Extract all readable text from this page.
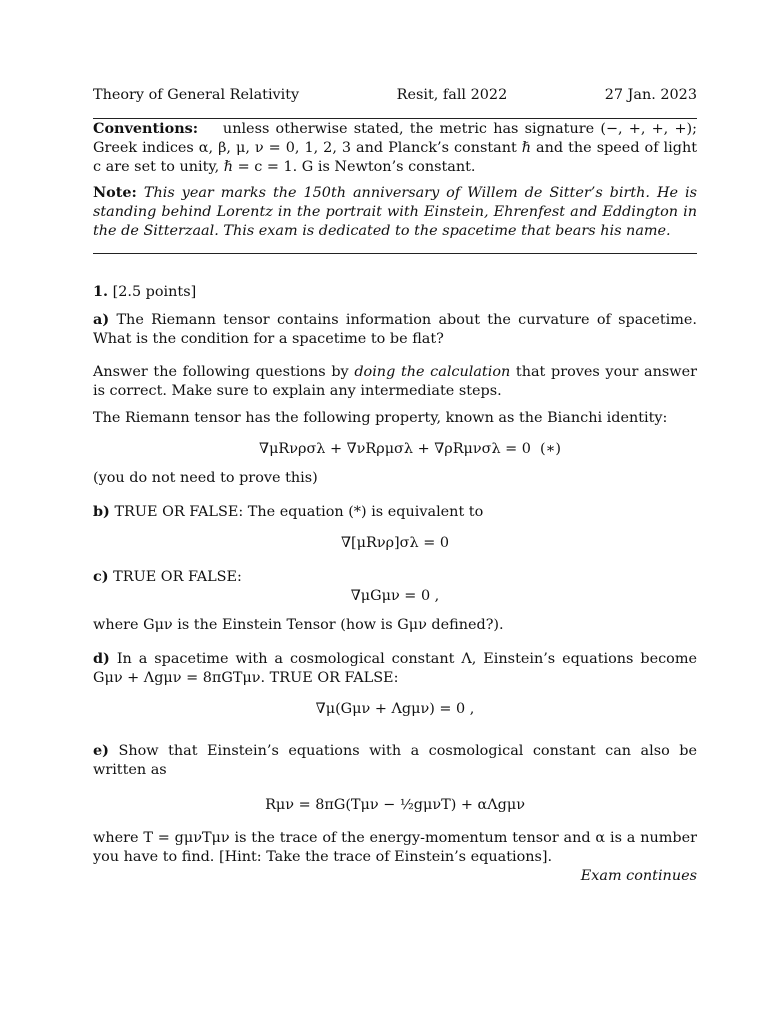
Theory of General Relativity	Resit, fall 2022	27 Jan. 2023

Conventions: unless otherwise stated, the metric has signature (−, +, +, +); Greek indices α, β, μ, ν = 0, 1, 2, 3 and Planck’s constant ℏ and the speed of light c are set to unity, ℏ = c = 1. G is Newton’s constant.

Note: This year marks the 150th anniversary of Willem de Sitter’s birth. He is standing behind Lorentz in the portrait with Einstein, Ehrenfest and Eddington in the de Sitterzaal. This exam is dedicated to the spacetime that bears his name.

1. [2.5 points]

a) The Riemann tensor contains information about the curvature of spacetime. What is the condition for a spacetime to be flat?

Answer the following questions by doing the calculation that proves your answer is correct. Make sure to explain any intermediate steps.

The Riemann tensor has the following property, known as the Bianchi identity:

∇μRνρσλ + ∇νRρμσλ + ∇ρRμνσλ = 0 (∗)

(you do not need to prove this)

b) TRUE OR FALSE: The equation (*) is equivalent to

∇[μRνρ]σλ = 0

c) TRUE OR FALSE:

∇μGμν = 0 ,

where Gμν is the Einstein Tensor (how is Gμν defined?).

d) In a spacetime with a cosmological constant Λ, Einstein’s equations become Gμν + Λgμν = 8πGTμν. TRUE OR FALSE:

∇μ(Gμν + Λgμν) = 0 ,

e) Show that Einstein’s equations with a cosmological constant can also be written as

Rμν = 8πG(Tμν − ½gμνT) + αΛgμν

where T = gμνTμν is the trace of the energy-momentum tensor and α is a number you have to find. [Hint: Take the trace of Einstein’s equations].

Exam continues
